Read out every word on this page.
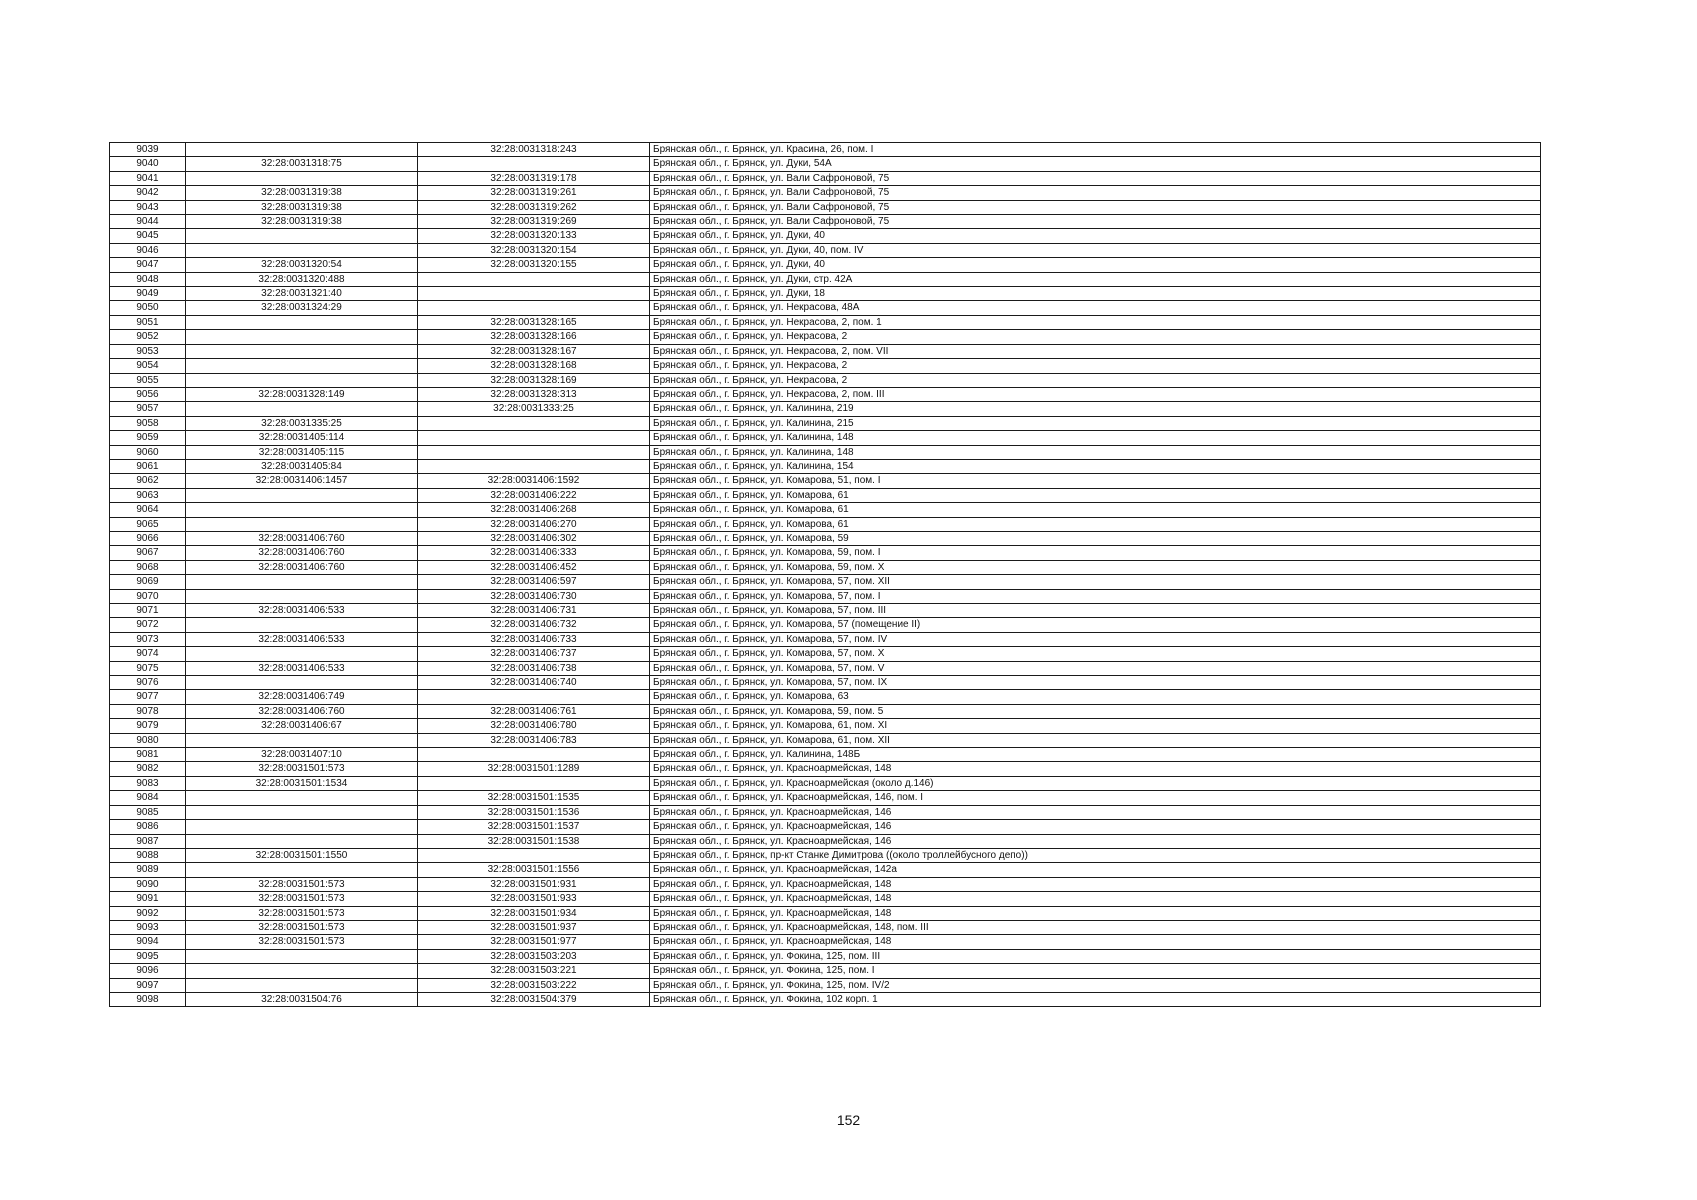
9039		32:28:0031318:243	Брянская обл., г. Брянск, ул. Красина, 26, пом. I
9040	32:28:0031318:75		Брянская обл., г. Брянск, ул. Дуки, 54А
9041		32:28:0031319:178	Брянская обл., г. Брянск, ул. Вали Сафроновой, 75
9042	32:28:0031319:38	32:28:0031319:261	Брянская обл., г. Брянск, ул. Вали Сафроновой, 75
9043	32:28:0031319:38	32:28:0031319:262	Брянская обл., г. Брянск, ул. Вали Сафроновой, 75
9044	32:28:0031319:38	32:28:0031319:269	Брянская обл., г. Брянск, ул. Вали Сафроновой, 75
9045		32:28:0031320:133	Брянская обл., г. Брянск, ул. Дуки, 40
9046		32:28:0031320:154	Брянская обл., г. Брянск, ул. Дуки, 40, пом. IV
9047	32:28:0031320:54	32:28:0031320:155	Брянская обл., г. Брянск, ул. Дуки, 40
9048	32:28:0031320:488		Брянская обл., г. Брянск, ул. Дуки, стр. 42А
9049	32:28:0031321:40		Брянская обл., г. Брянск, ул. Дуки, 18
9050	32:28:0031324:29		Брянская обл., г. Брянск, ул. Некрасова, 48А
9051		32:28:0031328:165	Брянская обл., г. Брянск, ул. Некрасова, 2, пом. 1
9052		32:28:0031328:166	Брянская обл., г. Брянск, ул. Некрасова, 2
9053		32:28:0031328:167	Брянская обл., г. Брянск, ул. Некрасова, 2, пом. VII
9054		32:28:0031328:168	Брянская обл., г. Брянск, ул. Некрасова, 2
9055		32:28:0031328:169	Брянская обл., г. Брянск, ул. Некрасова, 2
9056	32:28:0031328:149	32:28:0031328:313	Брянская обл., г. Брянск, ул. Некрасова, 2, пом. III
9057		32:28:0031333:25	Брянская обл., г. Брянск, ул. Калинина, 219
9058	32:28:0031335:25		Брянская обл., г. Брянск, ул. Калинина, 215
9059	32:28:0031405:114		Брянская обл., г. Брянск, ул. Калинина, 148
9060	32:28:0031405:115		Брянская обл., г. Брянск, ул. Калинина, 148
9061	32:28:0031405:84		Брянская обл., г. Брянск, ул. Калинина, 154
9062	32:28:0031406:1457	32:28:0031406:1592	Брянская обл., г. Брянск, ул. Комарова, 51, пом. I
9063		32:28:0031406:222	Брянская обл., г. Брянск, ул. Комарова, 61
9064		32:28:0031406:268	Брянская обл., г. Брянск, ул. Комарова, 61
9065		32:28:0031406:270	Брянская обл., г. Брянск, ул. Комарова, 61
9066	32:28:0031406:760	32:28:0031406:302	Брянская обл., г. Брянск, ул. Комарова, 59
9067	32:28:0031406:760	32:28:0031406:333	Брянская обл., г. Брянск, ул. Комарова, 59, пом. I
9068	32:28:0031406:760	32:28:0031406:452	Брянская обл., г. Брянск, ул. Комарова, 59, пом. X
9069		32:28:0031406:597	Брянская обл., г. Брянск, ул. Комарова, 57, пом. XII
9070		32:28:0031406:730	Брянская обл., г. Брянск, ул. Комарова, 57, пом. I
9071	32:28:0031406:533	32:28:0031406:731	Брянская обл., г. Брянск, ул. Комарова, 57, пом. III
9072		32:28:0031406:732	Брянская обл., г. Брянск, ул. Комарова, 57 (помещение II)
9073	32:28:0031406:533	32:28:0031406:733	Брянская обл., г. Брянск, ул. Комарова, 57, пом. IV
9074		32:28:0031406:737	Брянская обл., г. Брянск, ул. Комарова, 57, пом. X
9075	32:28:0031406:533	32:28:0031406:738	Брянская обл., г. Брянск, ул. Комарова, 57, пом. V
9076		32:28:0031406:740	Брянская обл., г. Брянск, ул. Комарова, 57, пом. IX
9077	32:28:0031406:749		Брянская обл., г. Брянск, ул. Комарова, 63
9078	32:28:0031406:760	32:28:0031406:761	Брянская обл., г. Брянск, ул. Комарова, 59, пом. 5
9079	32:28:0031406:67	32:28:0031406:780	Брянская обл., г. Брянск, ул. Комарова, 61, пом. XI
9080		32:28:0031406:783	Брянская обл., г. Брянск, ул. Комарова, 61, пом. XII
9081	32:28:0031407:10		Брянская обл., г. Брянск, ул. Калинина, 148Б
9082	32:28:0031501:573	32:28:0031501:1289	Брянская обл., г. Брянск, ул. Красноармейская, 148
9083	32:28:0031501:1534		Брянская обл., г. Брянск, ул. Красноармейская (около д.146)
9084		32:28:0031501:1535	Брянская обл., г. Брянск, ул. Красноармейская, 146, пом. I
9085		32:28:0031501:1536	Брянская обл., г. Брянск, ул. Красноармейская, 146
9086		32:28:0031501:1537	Брянская обл., г. Брянск, ул. Красноармейская, 146
9087		32:28:0031501:1538	Брянская обл., г. Брянск, ул. Красноармейская, 146
9088	32:28:0031501:1550		Брянская обл., г. Брянск, пр-кт Станке Димитрова ((около троллейбусного депо))
9089		32:28:0031501:1556	Брянская обл., г. Брянск, ул. Красноармейская, 142а
9090	32:28:0031501:573	32:28:0031501:931	Брянская обл., г. Брянск, ул. Красноармейская, 148
9091	32:28:0031501:573	32:28:0031501:933	Брянская обл., г. Брянск, ул. Красноармейская, 148
9092	32:28:0031501:573	32:28:0031501:934	Брянская обл., г. Брянск, ул. Красноармейская, 148
9093	32:28:0031501:573	32:28:0031501:937	Брянская обл., г. Брянск, ул. Красноармейская, 148, пом. III
9094	32:28:0031501:573	32:28:0031501:977	Брянская обл., г. Брянск, ул. Красноармейская, 148
9095		32:28:0031503:203	Брянская обл., г. Брянск, ул. Фокина, 125, пом. III
9096		32:28:0031503:221	Брянская обл., г. Брянск, ул. Фокина, 125, пом. I
9097		32:28:0031503:222	Брянская обл., г. Брянск, ул. Фокина, 125, пом. IV/2
9098	32:28:0031504:76	32:28:0031504:379	Брянская обл., г. Брянск, ул. Фокина, 102 корп. 1
152
